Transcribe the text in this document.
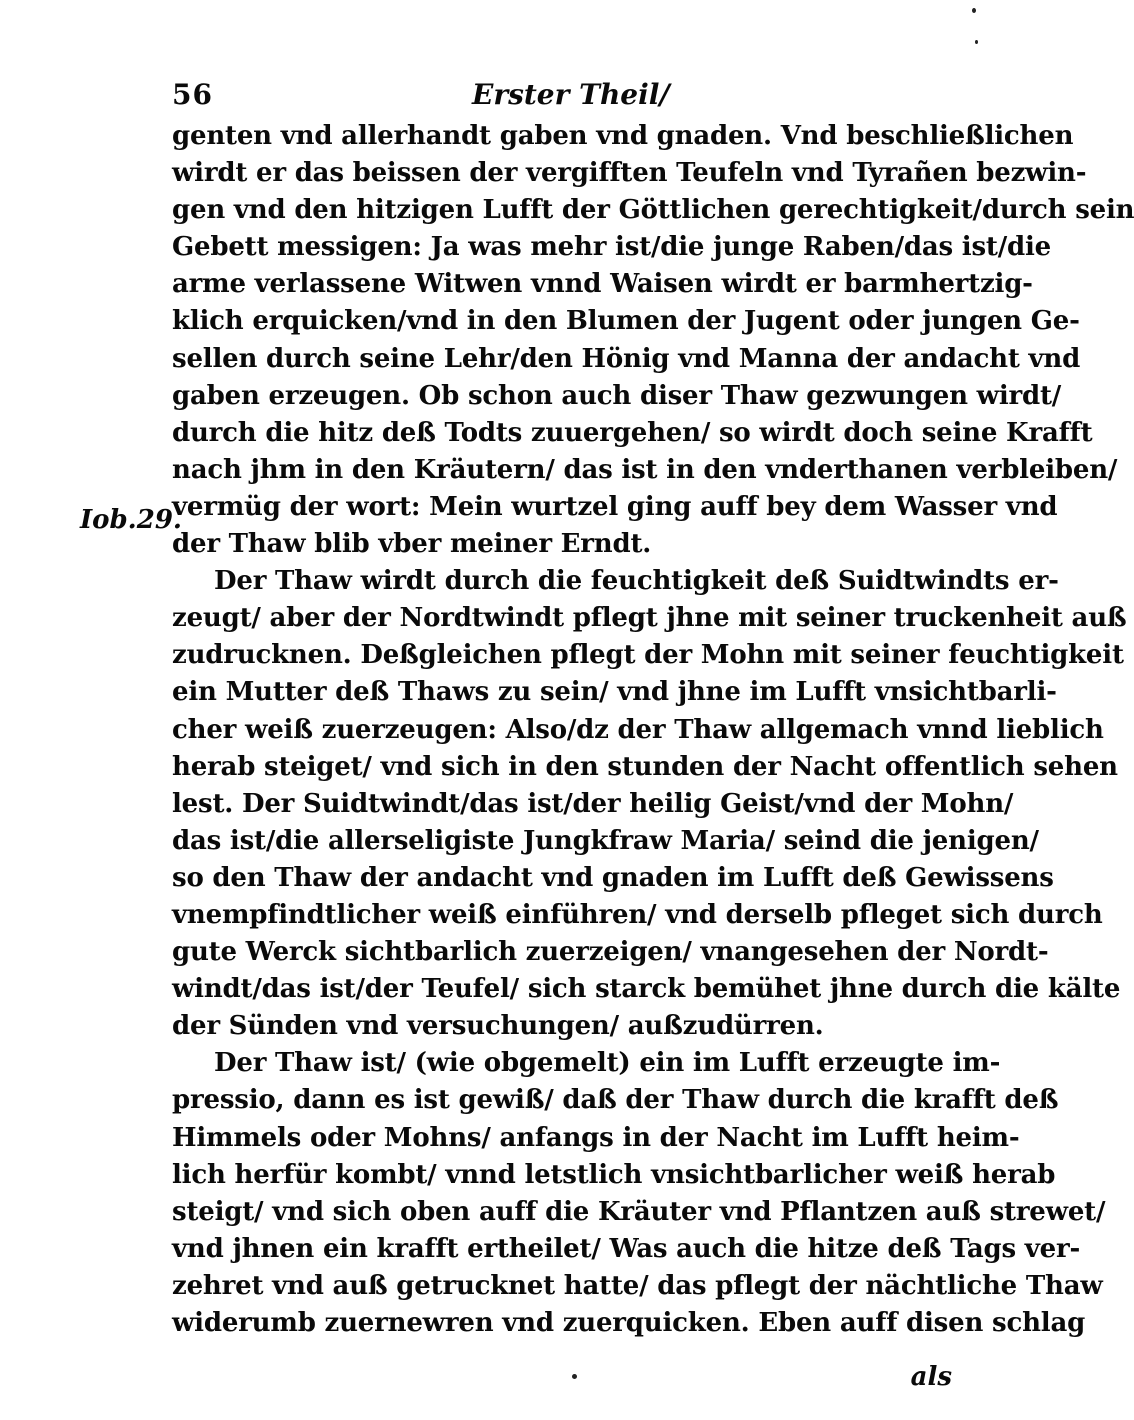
56	Erster Theil/
Iob.29.
genten vnd allerhandt gaben vnd gnaden. Vnd beschließlichen
wirdt er das beissen der vergifften Teufeln vnd Tyrañen bezwin-
gen vnd den hitzigen Lufft der Göttlichen gerechtigkeit/durch sein
Gebett messigen: Ja was mehr ist/die junge Raben/das ist/die
arme verlassene Witwen vnnd Waisen wirdt er barmhertzig-
klich erquicken/vnd in den Blumen der Jugent oder jungen Ge-
sellen durch seine Lehr/den Hönig vnd Manna der andacht vnd
gaben erzeugen. Ob schon auch diser Thaw gezwungen wirdt/
durch die hitz deß Todts zuuergehen/ so wirdt doch seine Krafft
nach jhm in den Kräutern/ das ist in den vnderthanen verbleiben/
vermüg der wort: Mein wurtzel ging auff bey dem Wasser vnd
der Thaw blib vber meiner Erndt.
Der Thaw wirdt durch die feuchtigkeit deß Suidtwindts er-
zeugt/ aber der Nordtwindt pflegt jhne mit seiner truckenheit auß
zudrucknen. Deßgleichen pflegt der Mohn mit seiner feuchtigkeit
ein Mutter deß Thaws zu sein/ vnd jhne im Lufft vnsichtbarli-
cher weiß zuerzeugen: Also/dz der Thaw allgemach vnnd lieblich
herab steiget/ vnd sich in den stunden der Nacht offentlich sehen
lest. Der Suidtwindt/das ist/der heilig Geist/vnd der Mohn/
das ist/die allerseligiste Jungkfraw Maria/ seind die jenigen/
so den Thaw der andacht vnd gnaden im Lufft deß Gewissens
vnempfindtlicher weiß einführen/ vnd derselb pfleget sich durch
gute Werck sichtbarlich zuerzeigen/ vnangesehen der Nordt-
windt/das ist/der Teufel/ sich starck bemühet jhne durch die kälte
der Sünden vnd versuchungen/ außzudürren.
Der Thaw ist/ (wie obgemelt) ein im Lufft erzeugte im-
pressio, dann es ist gewiß/ daß der Thaw durch die krafft deß
Himmels oder Mohns/ anfangs in der Nacht im Lufft heim-
lich herfür kombt/ vnnd letstlich vnsichtbarlicher weiß herab
steigt/ vnd sich oben auff die Kräuter vnd Pflantzen auß strewet/
vnd jhnen ein krafft ertheilet/ Was auch die hitze deß Tags ver-
zehret vnd auß getrucknet hatte/ das pflegt der nächtliche Thaw
widerumb zuernewren vnd zuerquicken. Eben auff disen schlag
als
